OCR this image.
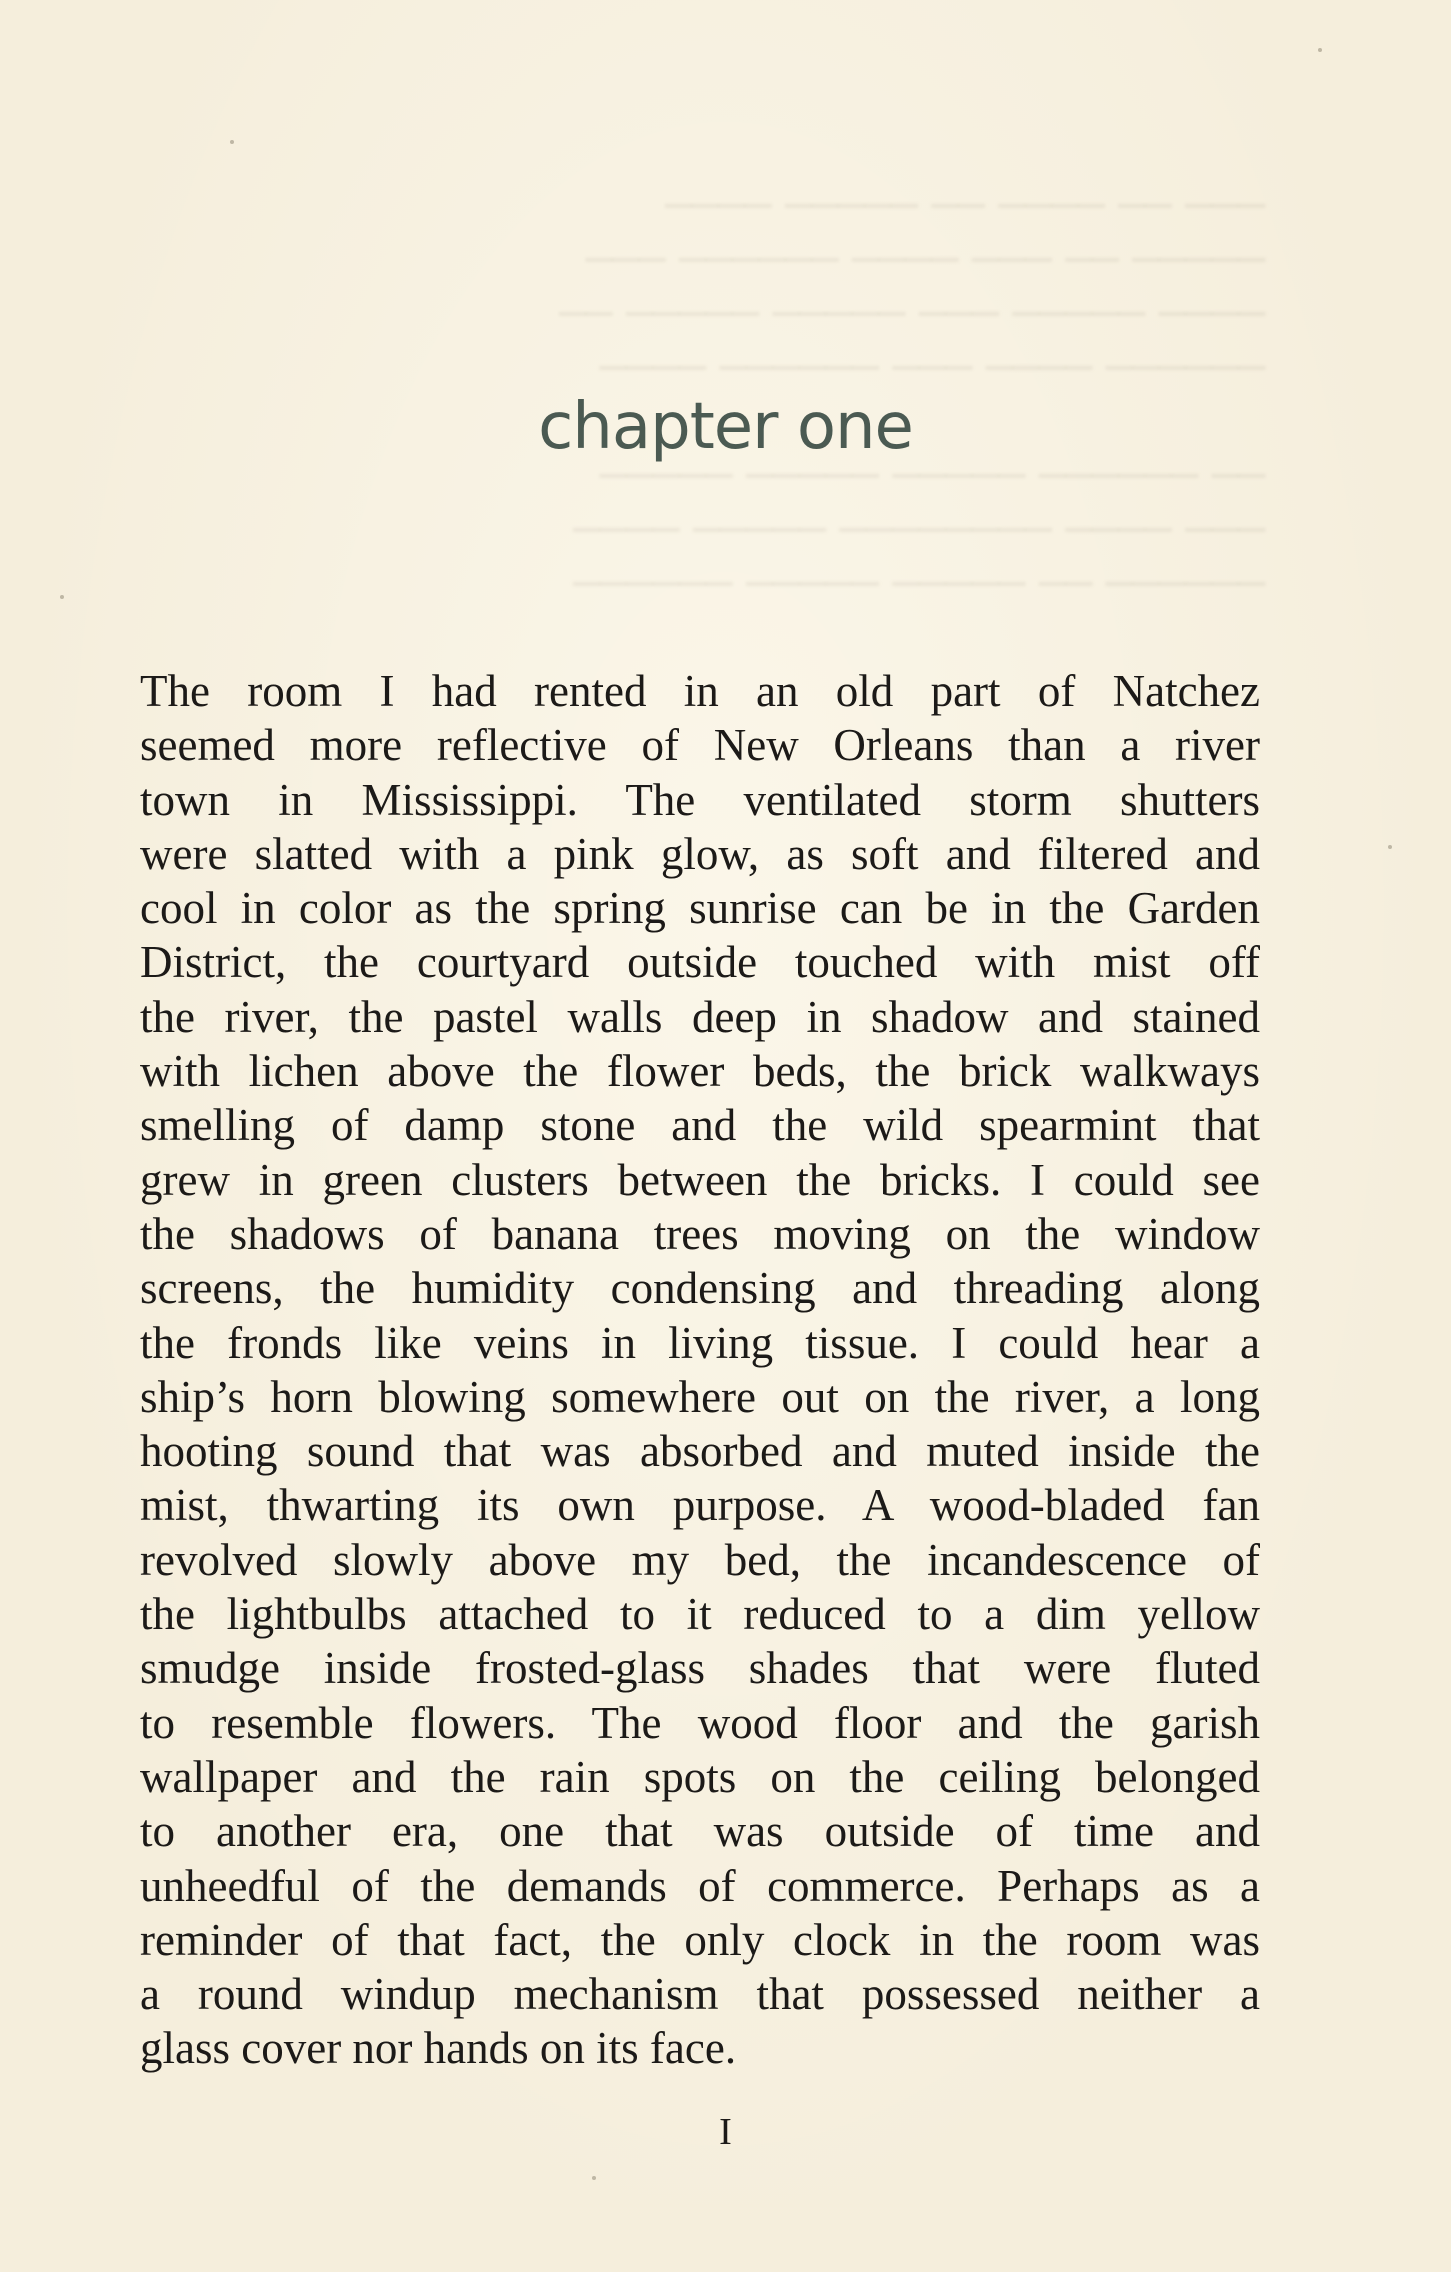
─── ── ──── ── ───── ────
───── ── ─── ──── ────── ───
──── ───── ─── ───── ───── ──
────── ──── ─── ────── ────

── ────── ───── ───── ─────
─── ──── ──────── ───── ────
────── ── ───── ───── ──────
chapter one
The room I had rented in an old part of Natchez
seemed more reflective of New Orleans than a river
town in Mississippi. The ventilated storm shutters
were slatted with a pink glow, as soft and filtered and
cool in color as the spring sunrise can be in the Garden
District, the courtyard outside touched with mist off
the river, the pastel walls deep in shadow and stained
with lichen above the flower beds, the brick walkways
smelling of damp stone and the wild spearmint that
grew in green clusters between the bricks. I could see
the shadows of banana trees moving on the window
screens, the humidity condensing and threading along
the fronds like veins in living tissue. I could hear a
ship’s horn blowing somewhere out on the river, a long
hooting sound that was absorbed and muted inside the
mist, thwarting its own purpose. A wood-bladed fan
revolved slowly above my bed, the incandescence of
the lightbulbs attached to it reduced to a dim yellow
smudge inside frosted-glass shades that were fluted
to resemble flowers. The wood floor and the garish
wallpaper and the rain spots on the ceiling belonged
to another era, one that was outside of time and
unheedful of the demands of commerce. Perhaps as a
reminder of that fact, the only clock in the room was
a round windup mechanism that possessed neither a
glass cover nor hands on its face.
I
